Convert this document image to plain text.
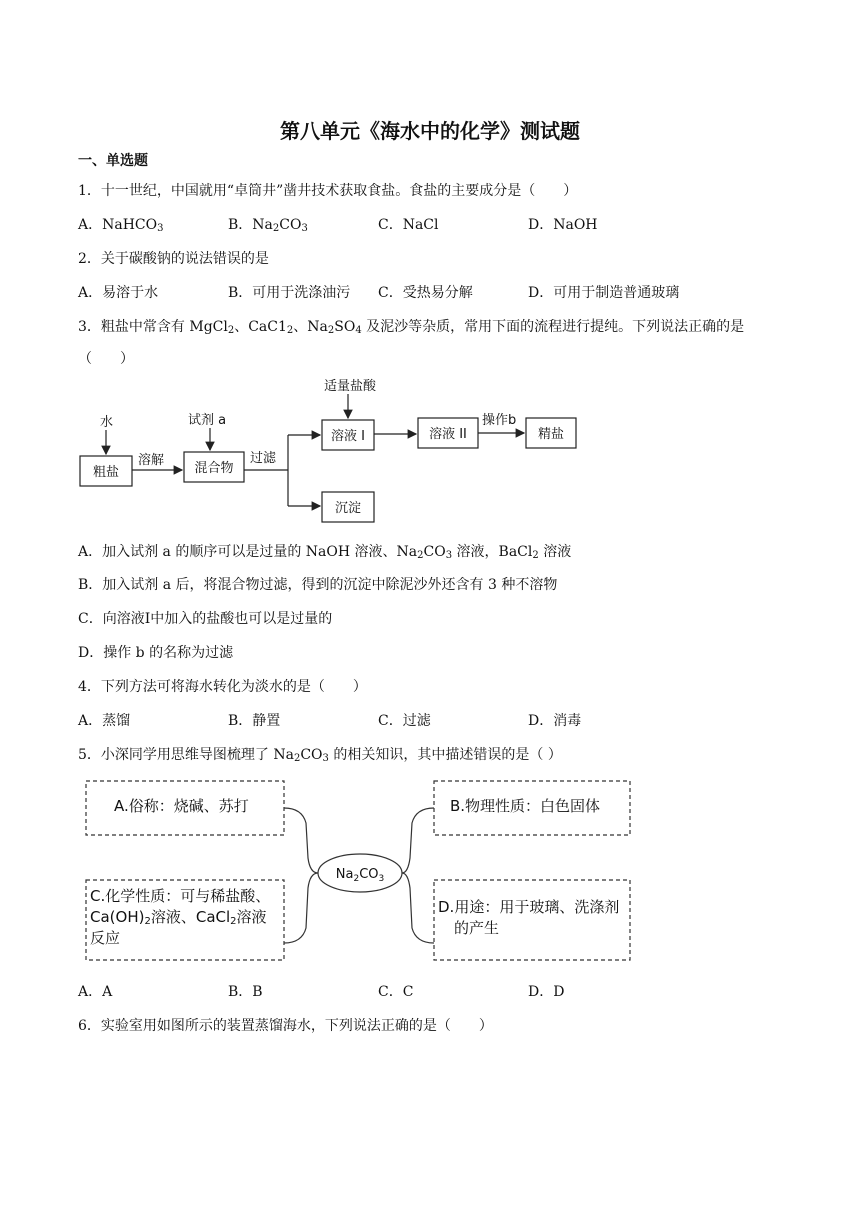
第八单元《海水中的化学》测试题
一、单选题
1．十一世纪，中国就用“卓筒井”凿井技术获取食盐。食盐的主要成分是（　　）
A．NaHCO$_3$	B．$Na_2CO_3$	C．NaCl	D．NaOH
2．关于碳酸钠的说法错误的是
A．易溶于水	B．可用于洗涤油污 C．受热易分解	D．可用于制造普通玻璃
3．粗盐中常含有 MgCl$_2$、$CaC1_2$、$Na_2SO_4$ 及泥沙等杂质，常用下面的流程进行提纯。下列说法正确的是
（　　）
水
粗盐
溶解
试剂 a
混合物
过滤
适量盐酸
溶液 I	溶液 II
操作b
精盐
沉淀
A．加入试剂 a 的顺序可以是过量的 NaOH 溶液、$Na_2CO_3$ 溶液，BaCl$_2$ 溶液
B．加入试剂 a 后，将混合物过滤，得到的沉淀中除泥沙外还含有 3 种不溶物
C．向溶液I中加入的盐酸也可以是过量的
D．操作 b 的名称为过滤
4．下列方法可将海水转化为淡水的是（　　）
A．蒸馏	B．静置	C．过滤	D．消毒
5．小深同学用思维导图梳理了 $Na_2CO_3$ 的相关知识，其中描述错误的是（ ）
$Na_2CO_3$
A.俗称：烧碱、苏打	B.物理性质：白色固体
C.化学性质：可与稀盐酸、
$Ca(OH)_2$溶液、CaCl$_2$溶液
反应
D.用途：用于玻璃、洗涤剂
的产生
A．A	B．B	C．C	D．D
6．实验室用如图所示的装置蒸馏海水，下列说法正确的是（　　）
